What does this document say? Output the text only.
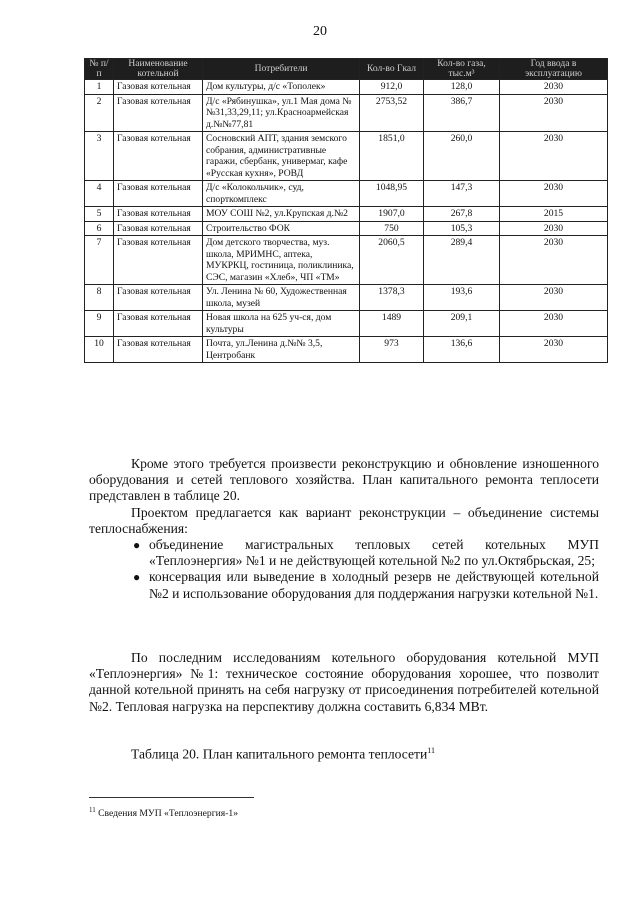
20
№ п/п	Наименование котельной	Потребители	Кол-во Гкал	Кол-во газа, тыс.м³	Год ввода в эксплуатацию
1	Газовая котельная	Дом культуры, д/с «Тополек»	912,0	128,0	2030
2	Газовая котельная	Д/с «Рябинушка», ул.1 Мая дома №№31,33,29,11; ул.Красноармейская д.№№77,81	2753,52	386,7	2030
3	Газовая котельная	Сосновский АПТ, здания земского собрания, административные гаражи, сбербанк, универмаг, кафе «Русская кухня», РОВД	1851,0	260,0	2030
4	Газовая котельная	Д/с «Колокольчик», суд, спорткомплекс	1048,95	147,3	2030
5	Газовая котельная	МОУ СОШ №2, ул.Крупская д.№2	1907,0	267,8	2015
6	Газовая котельная	Строительство ФОК	750	105,3	2030
7	Газовая котельная	Дом детского творчества, муз. школа, МРИМНС, аптека, МУКРКЦ, гостиница, поликлиника, СЭС, магазин «Хлеб», ЧП «ТМ»	2060,5	289,4	2030
8	Газовая котельная	Ул. Ленина № 60, Художественная школа, музей	1378,3	193,6	2030
9	Газовая котельная	Новая школа на 625 уч-ся, дом культуры	1489	209,1	2030
10	Газовая котельная	Почта, ул.Ленина д.№№ 3,5, Центробанк	973	136,6	2030

Кроме этого требуется произвести реконструкцию и обновление изношенного оборудования и сетей теплового хозяйства. План капитального ремонта теплосети представлен в таблице 20.

Проектом предлагается как вариант реконструкции – объединение системы теплоснабжения:

● объединение магистральных тепловых сетей котельных МУП «Теплоэнергия» №1 и не действующей котельной №2 по ул.Октябрьская, 25;
● консервация или выведение в холодный резерв не действующей котельной №2 и использование оборудования для поддержания нагрузки котельной №1.

По последним исследованиям котельного оборудования котельной МУП «Теплоэнергия» №1: техническое состояние оборудования хорошее, что позволит данной котельной принять на себя нагрузку от присоединения потребителей котельной №2. Тепловая нагрузка на перспективу должна составить 6,834 МВт.

Таблица 20. План капитального ремонта теплосети$^{11}$
$^{11}$ Сведения МУП «Теплоэнергия-1»
